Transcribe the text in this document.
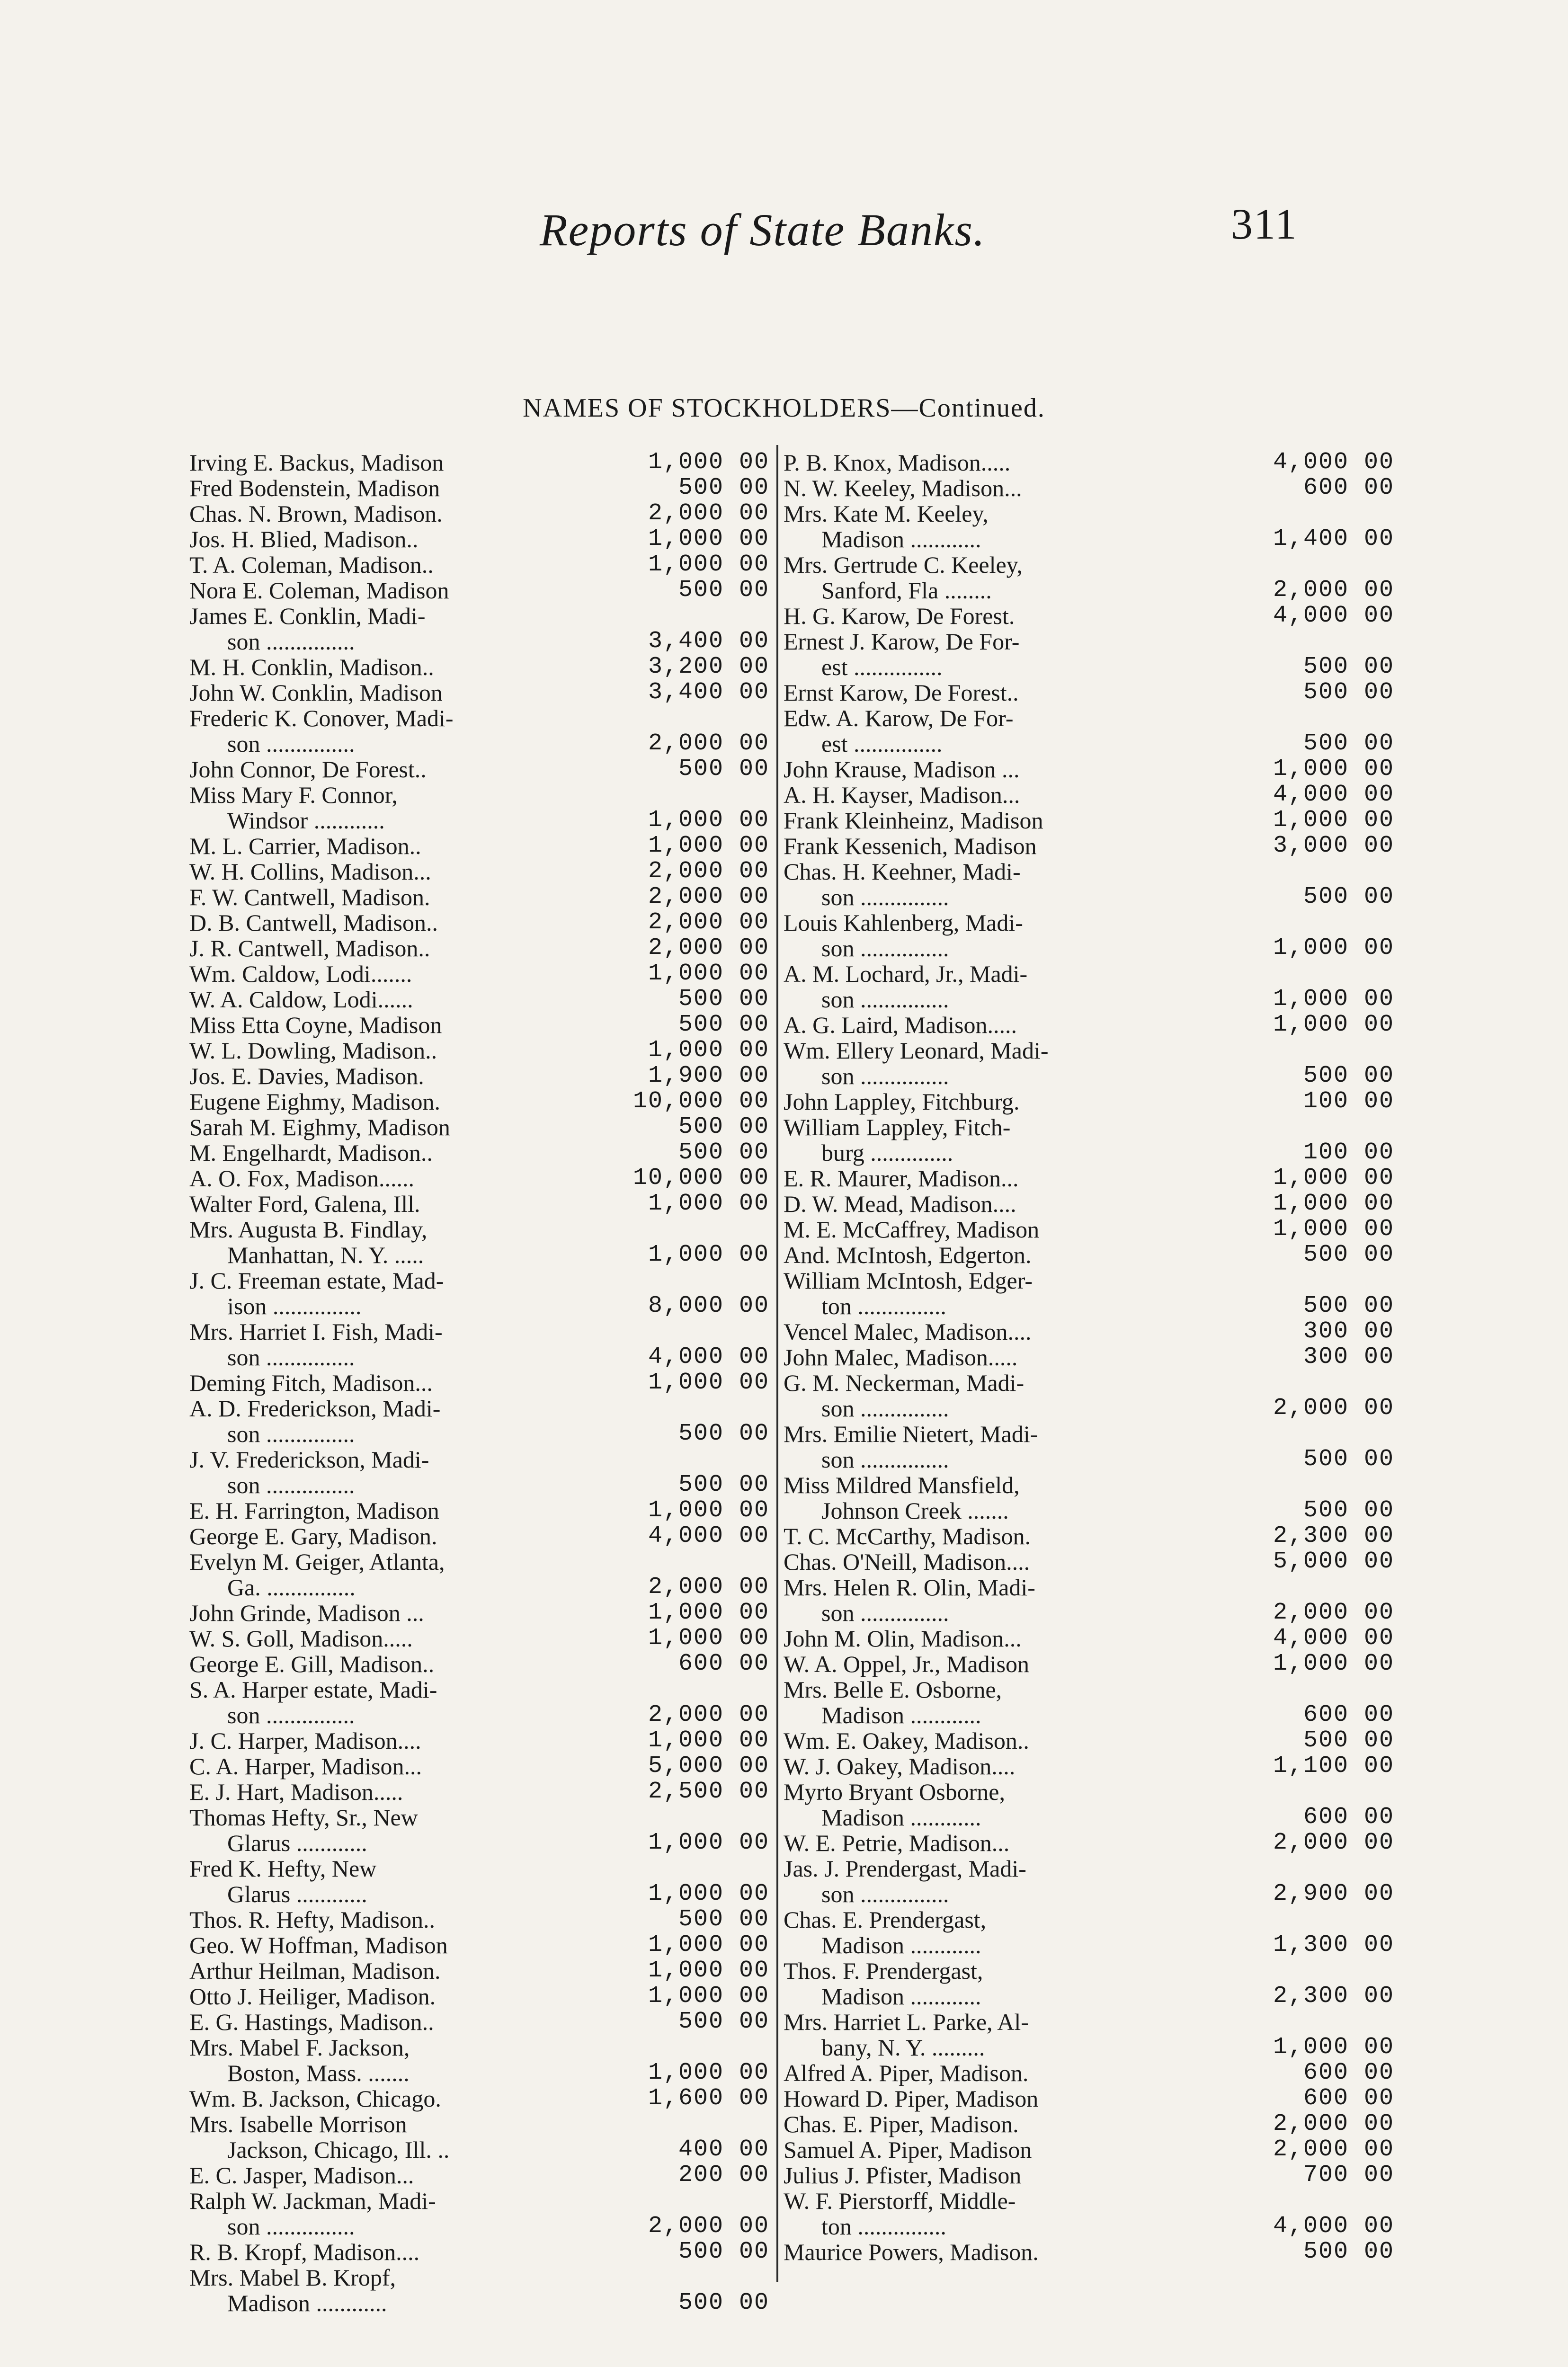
Reports of State Banks.	311
NAMES OF STOCKHOLDERS—Continued.
Irving E. Backus, Madison	1,000 00
Fred Bodenstein, Madison	500 00
Chas. N. Brown, Madison.	2,000 00
Jos. H. Blied, Madison..	1,000 00
T. A. Coleman, Madison..	1,000 00
Nora E. Coleman, Madison	500 00
James E. Conklin, Madi-
son ...............	3,400 00
M. H. Conklin, Madison..	3,200 00
John W. Conklin, Madison	3,400 00
Frederic K. Conover, Madi-
son ...............	2,000 00
John Connor, De Forest..	500 00
Miss Mary F. Connor,
Windsor ............	1,000 00
M. L. Carrier, Madison..	1,000 00
W. H. Collins, Madison...	2,000 00
F. W. Cantwell, Madison.	2,000 00
D. B. Cantwell, Madison..	2,000 00
J. R. Cantwell, Madison..	2,000 00
Wm. Caldow, Lodi.......	1,000 00
W. A. Caldow, Lodi......	500 00
Miss Etta Coyne, Madison	500 00
W. L. Dowling, Madison..	1,000 00
Jos. E. Davies, Madison.	1,900 00
Eugene Eighmy, Madison.	10,000 00
Sarah M. Eighmy, Madison	500 00
M. Engelhardt, Madison..	500 00
A. O. Fox, Madison......	10,000 00
Walter Ford, Galena, Ill.	1,000 00
Mrs. Augusta B. Findlay,
Manhattan, N. Y. .....	1,000 00
J. C. Freeman estate, Mad-
ison ...............	8,000 00
Mrs. Harriet I. Fish, Madi-
son ...............	4,000 00
Deming Fitch, Madison...	1,000 00
A. D. Frederickson, Madi-
son ...............	500 00
J. V. Frederickson, Madi-
son ...............	500 00
E. H. Farrington, Madison	1,000 00
George E. Gary, Madison.	4,000 00
Evelyn M. Geiger, Atlanta,
Ga. ...............	2,000 00
John Grinde, Madison ...	1,000 00
W. S. Goll, Madison.....	1,000 00
George E. Gill, Madison..	600 00
S. A. Harper estate, Madi-
son ...............	2,000 00
J. C. Harper, Madison....	1,000 00
C. A. Harper, Madison...	5,000 00
E. J. Hart, Madison.....	2,500 00
Thomas Hefty, Sr., New
Glarus ............	1,000 00
Fred K. Hefty, New
Glarus ............	1,000 00
Thos. R. Hefty, Madison..	500 00
Geo. W Hoffman, Madison	1,000 00
Arthur Heilman, Madison.	1,000 00
Otto J. Heiliger, Madison.	1,000 00
E. G. Hastings, Madison..	500 00
Mrs. Mabel F. Jackson,
Boston, Mass. .......	1,000 00
Wm. B. Jackson, Chicago.	1,600 00
Mrs. Isabelle Morrison
Jackson, Chicago, Ill. ..	400 00
E. C. Jasper, Madison...	200 00
Ralph W. Jackman, Madi-
son ...............	2,000 00
R. B. Kropf, Madison....	500 00
Mrs. Mabel B. Kropf,
Madison ............	500 00
P. B. Knox, Madison.....	4,000 00
N. W. Keeley, Madison...	600 00
Mrs. Kate M. Keeley,
Madison ............	1,400 00
Mrs. Gertrude C. Keeley,
Sanford, Fla ........	2,000 00
H. G. Karow, De Forest.	4,000 00
Ernest J. Karow, De For-
est ...............	500 00
Ernst Karow, De Forest..	500 00
Edw. A. Karow, De For-
est ...............	500 00
John Krause, Madison ...	1,000 00
A. H. Kayser, Madison...	4,000 00
Frank Kleinheinz, Madison	1,000 00
Frank Kessenich, Madison	3,000 00
Chas. H. Keehner, Madi-
son ...............	500 00
Louis Kahlenberg, Madi-
son ...............	1,000 00
A. M. Lochard, Jr., Madi-
son ...............	1,000 00
A. G. Laird, Madison.....	1,000 00
Wm. Ellery Leonard, Madi-
son ...............	500 00
John Lappley, Fitchburg.	100 00
William Lappley, Fitch-
burg ..............	100 00
E. R. Maurer, Madison...	1,000 00
D. W. Mead, Madison....	1,000 00
M. E. McCaffrey, Madison	1,000 00
And. McIntosh, Edgerton.	500 00
William McIntosh, Edger-
ton ...............	500 00
Vencel Malec, Madison....	300 00
John Malec, Madison.....	300 00
G. M. Neckerman, Madi-
son ...............	2,000 00
Mrs. Emilie Nietert, Madi-
son ...............	500 00
Miss Mildred Mansfield,
Johnson Creek .......	500 00
T. C. McCarthy, Madison.	2,300 00
Chas. O'Neill, Madison....	5,000 00
Mrs. Helen R. Olin, Madi-
son ...............	2,000 00
John M. Olin, Madison...	4,000 00
W. A. Oppel, Jr., Madison	1,000 00
Mrs. Belle E. Osborne,
Madison ............	600 00
Wm. E. Oakey, Madison..	500 00
W. J. Oakey, Madison....	1,100 00
Myrto Bryant Osborne,
Madison ............	600 00
W. E. Petrie, Madison...	2,000 00
Jas. J. Prendergast, Madi-
son ...............	2,900 00
Chas. E. Prendergast,
Madison ............	1,300 00
Thos. F. Prendergast,
Madison ............	2,300 00
Mrs. Harriet L. Parke, Al-
bany, N. Y. .........	1,000 00
Alfred A. Piper, Madison.	600 00
Howard D. Piper, Madison	600 00
Chas. E. Piper, Madison.	2,000 00
Samuel A. Piper, Madison	2,000 00
Julius J. Pfister, Madison	700 00
W. F. Pierstorff, Middle-
ton ...............	4,000 00
Maurice Powers, Madison.	500 00
